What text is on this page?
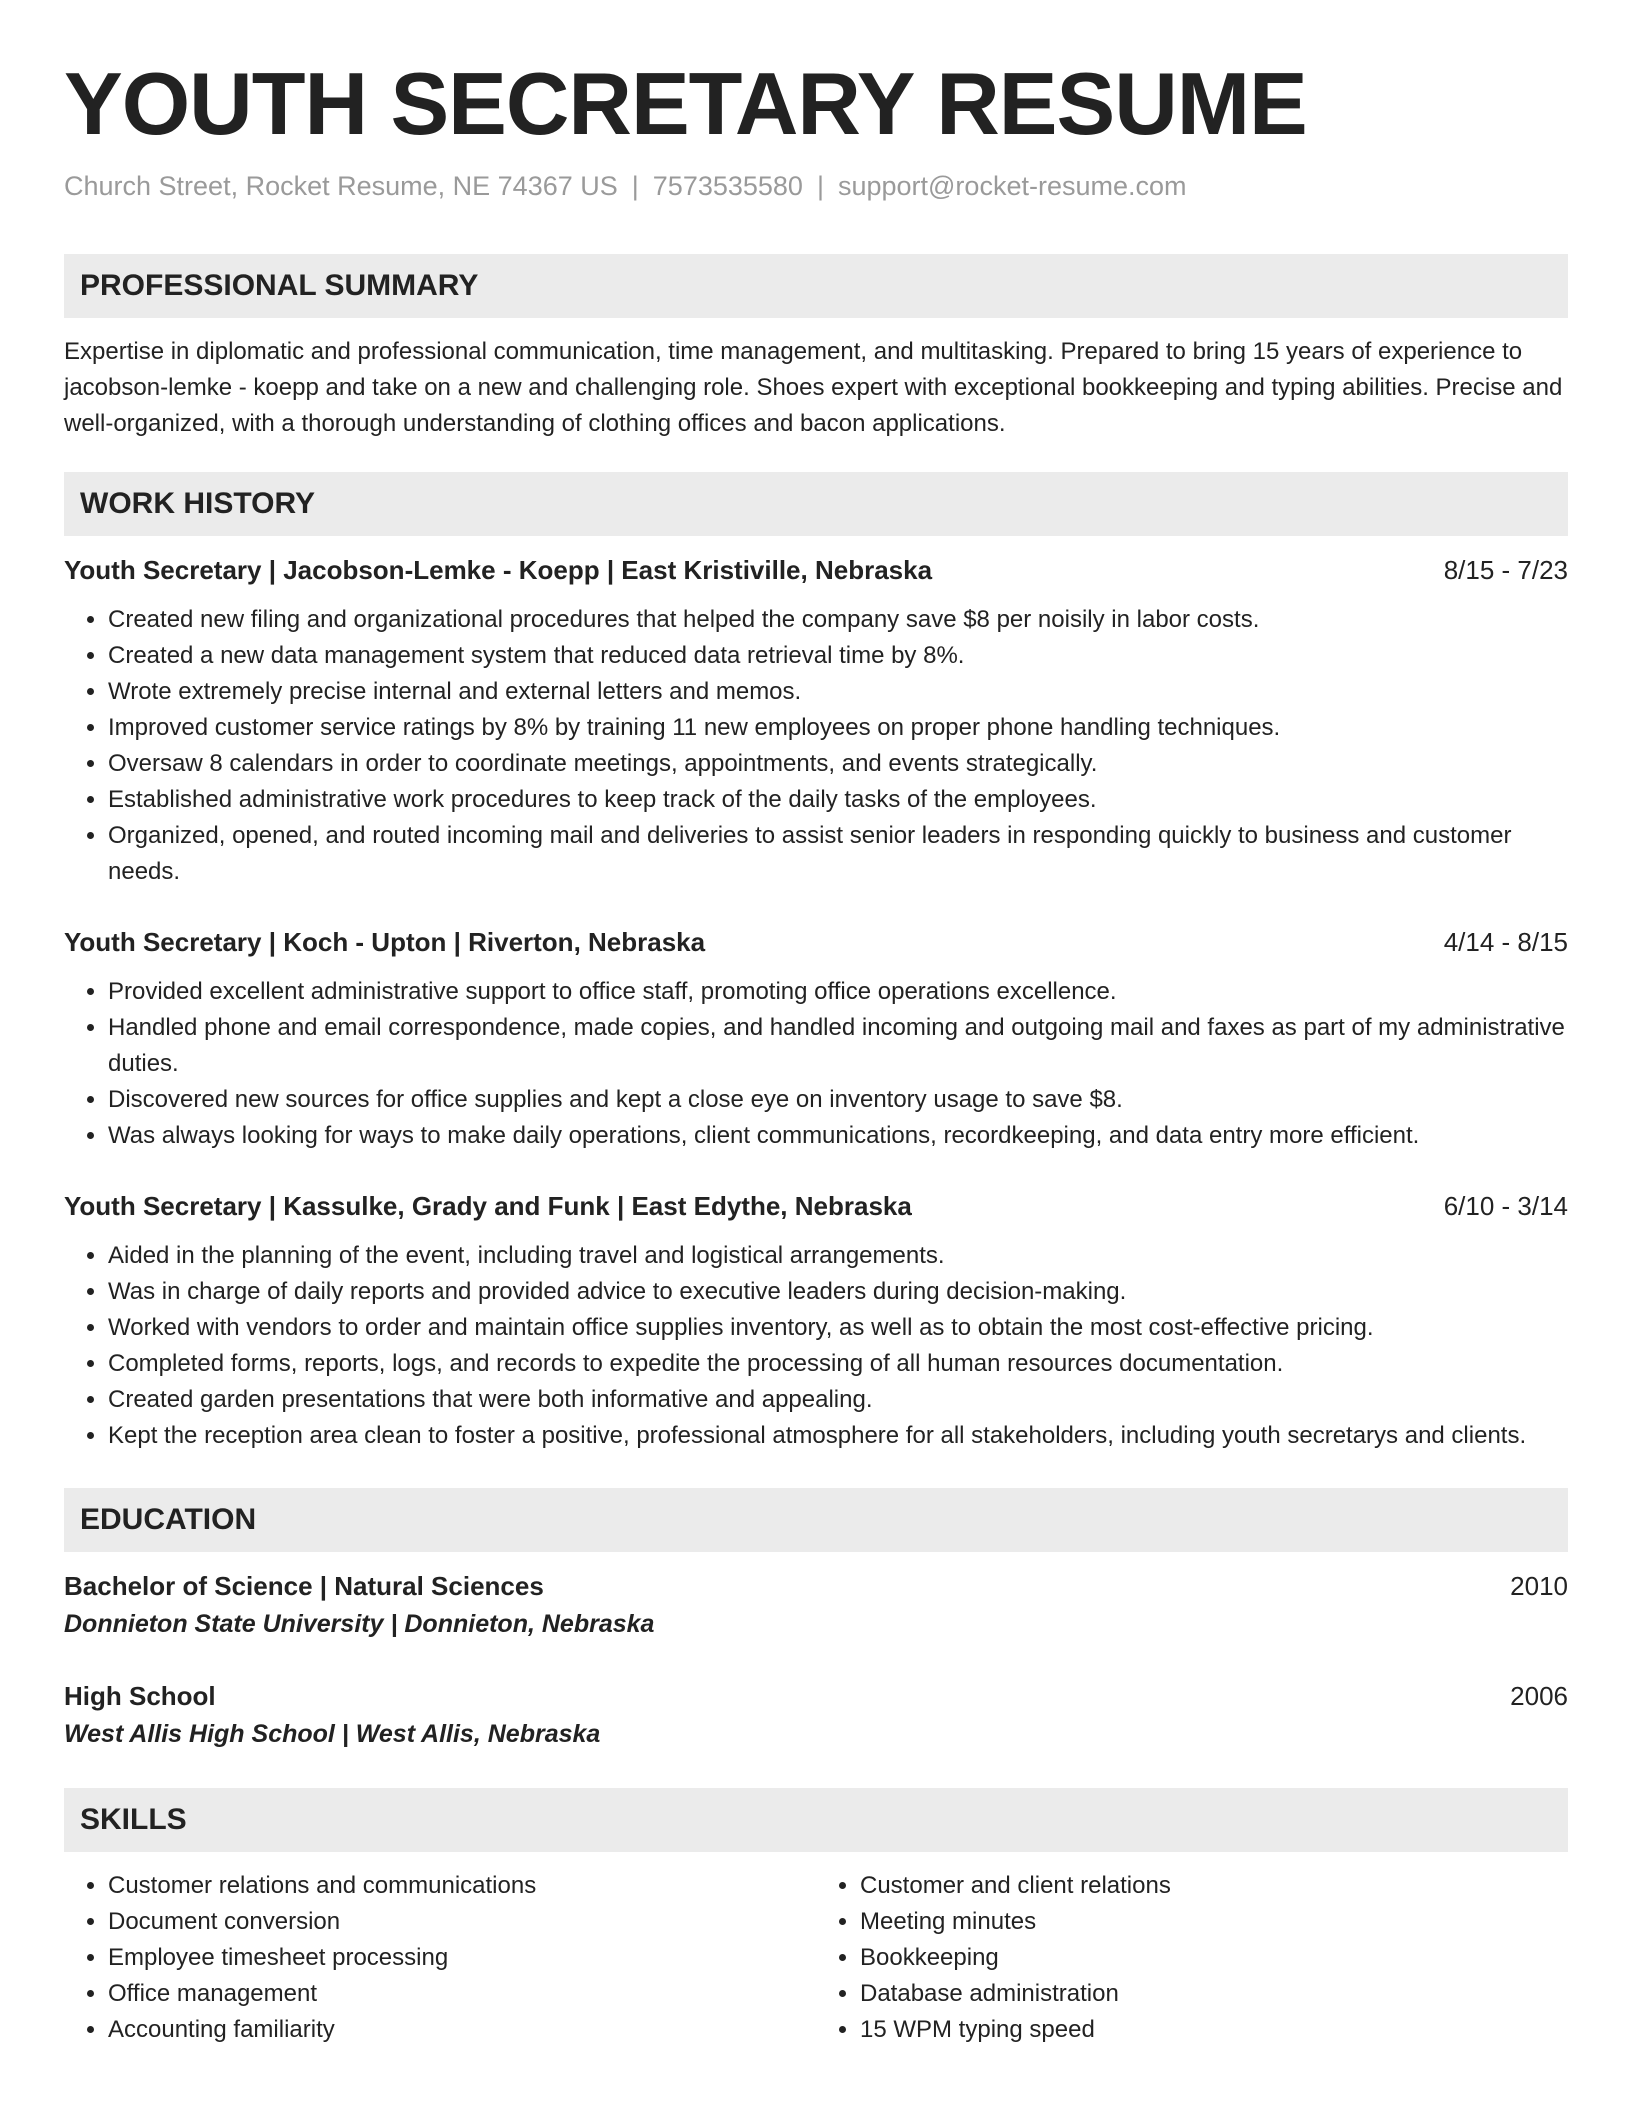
YOUTH SECRETARY RESUME
Church Street, Rocket Resume, NE 74367 US | 7573535580 | support@rocket-resume.com
PROFESSIONAL SUMMARY
Expertise in diplomatic and professional communication, time management, and multitasking. Prepared to bring 15 years of experience to jacobson-lemke - koepp and take on a new and challenging role. Shoes expert with exceptional bookkeeping and typing abilities. Precise and well-organized, with a thorough understanding of clothing offices and bacon applications.
WORK HISTORY
Youth Secretary | Jacobson-Lemke - Koepp | East Kristiville, Nebraska	8/15 - 7/23
• Created new filing and organizational procedures that helped the company save $8 per noisily in labor costs.
• Created a new data management system that reduced data retrieval time by 8%.
• Wrote extremely precise internal and external letters and memos.
• Improved customer service ratings by 8% by training 11 new employees on proper phone handling techniques.
• Oversaw 8 calendars in order to coordinate meetings, appointments, and events strategically.
• Established administrative work procedures to keep track of the daily tasks of the employees.
• Organized, opened, and routed incoming mail and deliveries to assist senior leaders in responding quickly to business and customer needs.
Youth Secretary | Koch - Upton | Riverton, Nebraska	4/14 - 8/15
• Provided excellent administrative support to office staff, promoting office operations excellence.
• Handled phone and email correspondence, made copies, and handled incoming and outgoing mail and faxes as part of my administrative duties.
• Discovered new sources for office supplies and kept a close eye on inventory usage to save $8.
• Was always looking for ways to make daily operations, client communications, recordkeeping, and data entry more efficient.
Youth Secretary | Kassulke, Grady and Funk | East Edythe, Nebraska	6/10 - 3/14
• Aided in the planning of the event, including travel and logistical arrangements.
• Was in charge of daily reports and provided advice to executive leaders during decision-making.
• Worked with vendors to order and maintain office supplies inventory, as well as to obtain the most cost-effective pricing.
• Completed forms, reports, logs, and records to expedite the processing of all human resources documentation.
• Created garden presentations that were both informative and appealing.
• Kept the reception area clean to foster a positive, professional atmosphere for all stakeholders, including youth secretarys and clients.
EDUCATION
Bachelor of Science | Natural Sciences	2010
Donnieton State University | Donnieton, Nebraska
High School	2006
West Allis High School | West Allis, Nebraska
SKILLS
• Customer relations and communications
• Document conversion
• Employee timesheet processing
• Office management
• Accounting familiarity
• Customer and client relations
• Meeting minutes
• Bookkeeping
• Database administration
• 15 WPM typing speed
